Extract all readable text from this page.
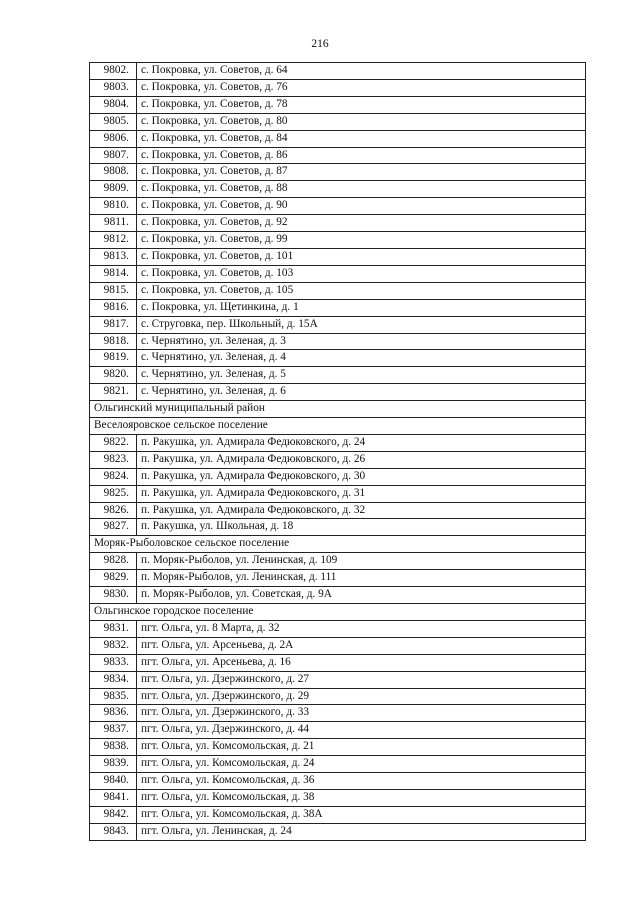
216
9802.	с. Покровка, ул. Советов, д. 64
9803.	с. Покровка, ул. Советов, д. 76
9804.	с. Покровка, ул. Советов, д. 78
9805.	с. Покровка, ул. Советов, д. 80
9806.	с. Покровка, ул. Советов, д. 84
9807.	с. Покровка, ул. Советов, д. 86
9808.	с. Покровка, ул. Советов, д. 87
9809.	с. Покровка, ул. Советов, д. 88
9810.	с. Покровка, ул. Советов, д. 90
9811.	с. Покровка, ул. Советов, д. 92
9812.	с. Покровка, ул. Советов, д. 99
9813.	с. Покровка, ул. Советов, д. 101
9814.	с. Покровка, ул. Советов, д. 103
9815.	с. Покровка, ул. Советов, д. 105
9816.	с. Покровка, ул. Щетинкина, д. 1
9817.	с. Струговка, пер. Школьный, д. 15А
9818.	с. Чернятино, ул. Зеленая, д. 3
9819.	с. Чернятино, ул. Зеленая, д. 4
9820.	с. Чернятино, ул. Зеленая, д. 5
9821.	с. Чернятино, ул. Зеленая, д. 6
Ольгинский муниципальный район	
Веселояровское сельское поселение	
9822.	п. Ракушка, ул. Адмирала Федюковского, д. 24
9823.	п. Ракушка, ул. Адмирала Федюковского, д. 26
9824.	п. Ракушка, ул. Адмирала Федюковского, д. 30
9825.	п. Ракушка, ул. Адмирала Федюковского, д. 31
9826.	п. Ракушка, ул. Адмирала Федюковского, д. 32
9827.	п. Ракушка, ул. Школьная, д. 18
Моряк-Рыболовское сельское поселение	
9828.	п. Моряк-Рыболов, ул. Ленинская, д. 109
9829.	п. Моряк-Рыболов, ул. Ленинская, д. 111
9830.	п. Моряк-Рыболов, ул. Советская, д. 9А
Ольгинское городское поселение	
9831.	пгт. Ольга, ул. 8 Марта, д. 32
9832.	пгт. Ольга, ул. Арсеньева, д. 2А
9833.	пгт. Ольга, ул. Арсеньева, д. 16
9834.	пгт. Ольга, ул. Дзержинского, д. 27
9835.	пгт. Ольга, ул. Дзержинского, д. 29
9836.	пгт. Ольга, ул. Дзержинского, д. 33
9837.	пгт. Ольга, ул. Дзержинского, д. 44
9838.	пгт. Ольга, ул. Комсомольская, д. 21
9839.	пгт. Ольга, ул. Комсомольская, д. 24
9840.	пгт. Ольга, ул. Комсомольская, д. 36
9841.	пгт. Ольга, ул. Комсомольская, д. 38
9842.	пгт. Ольга, ул. Комсомольская, д. 38А
9843.	пгт. Ольга, ул. Ленинская, д. 24
